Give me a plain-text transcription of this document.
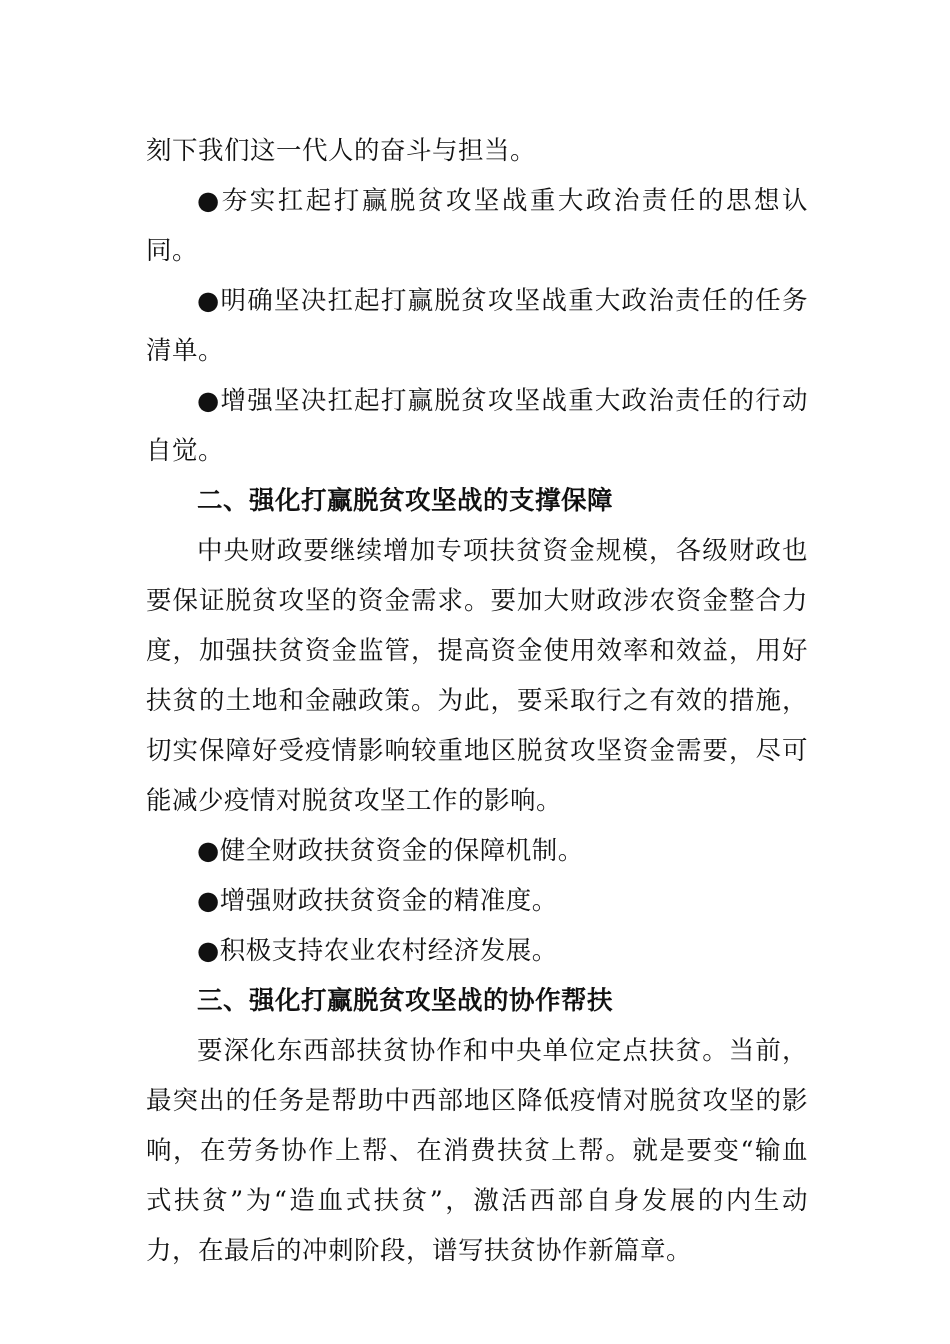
刻下我们这一代人的奋斗与担当。

●夯实扛起打赢脱贫攻坚战重大政治责任的思想认同。

●明确坚决扛起打赢脱贫攻坚战重大政治责任的任务清单。

●增强坚决扛起打赢脱贫攻坚战重大政治责任的行动自觉。

二、强化打赢脱贫攻坚战的支撑保障

中央财政要继续增加专项扶贫资金规模，各级财政也要保证脱贫攻坚的资金需求。要加大财政涉农资金整合力度，加强扶贫资金监管，提高资金使用效率和效益，用好扶贫的土地和金融政策。为此，要采取行之有效的措施，切实保障好受疫情影响较重地区脱贫攻坚资金需要，尽可能减少疫情对脱贫攻坚工作的影响。

●健全财政扶贫资金的保障机制。

●增强财政扶贫资金的精准度。

●积极支持农业农村经济发展。

三、强化打赢脱贫攻坚战的协作帮扶

要深化东西部扶贫协作和中央单位定点扶贫。当前，最突出的任务是帮助中西部地区降低疫情对脱贫攻坚的影响，在劳务协作上帮、在消费扶贫上帮。就是要变“输血式扶贫”为“造血式扶贫”，激活西部自身发展的内生动力，在最后的冲刺阶段，谱写扶贫协作新篇章。
